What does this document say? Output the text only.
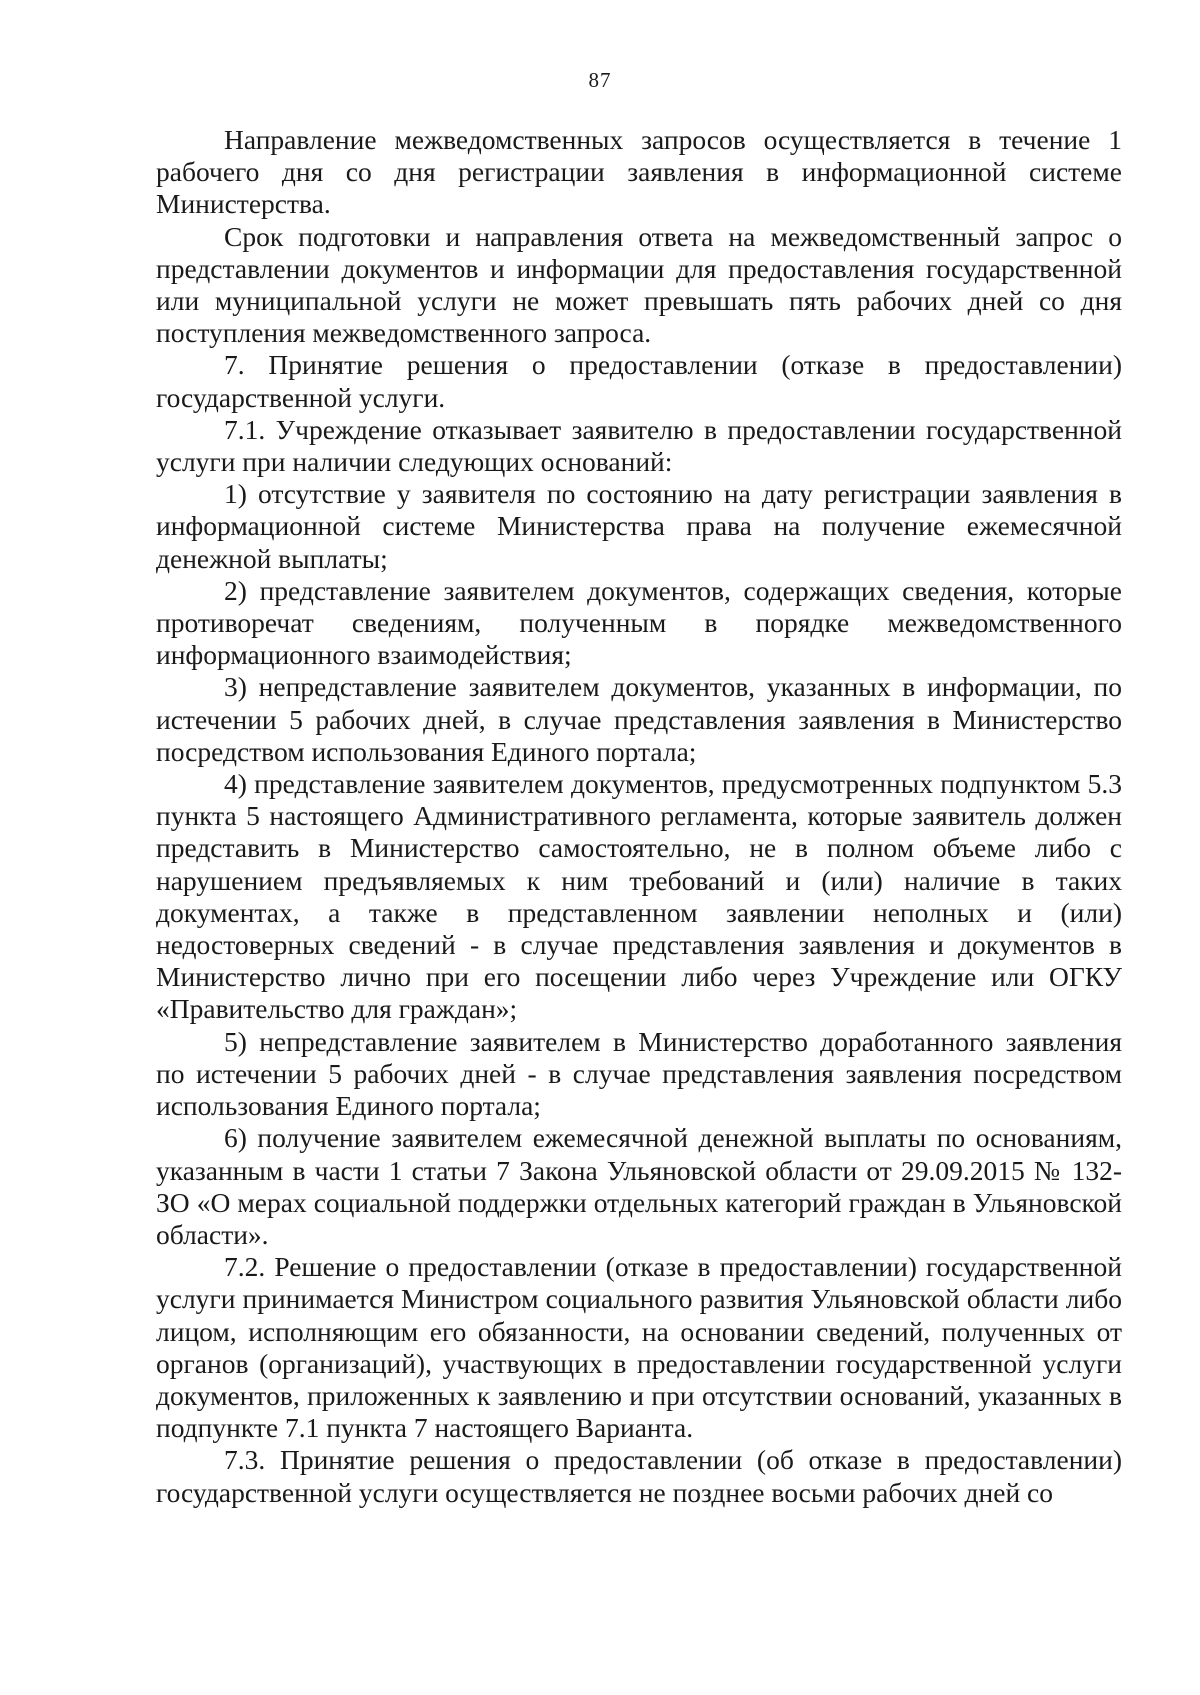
87

Направление межведомственных запросов осуществляется в течение 1 рабочего дня со дня регистрации заявления в информационной системе Министерства.

Срок подготовки и направления ответа на межведомственный запрос о представлении документов и информации для предоставления государственной или муниципальной услуги не может превышать пять рабочих дней со дня поступления межведомственного запроса.

7. Принятие решения о предоставлении (отказе в предоставлении) государственной услуги.

7.1. Учреждение отказывает заявителю в предоставлении государственной услуги при наличии следующих оснований:

1) отсутствие у заявителя по состоянию на дату регистрации заявления в информационной системе Министерства права на получение ежемесячной денежной выплаты;

2) представление заявителем документов, содержащих сведения, которые противоречат сведениям, полученным в порядке межведомственного информационного взаимодействия;

3) непредставление заявителем документов, указанных в информации, по истечении 5 рабочих дней, в случае представления заявления в Министерство посредством использования Единого портала;

4) представление заявителем документов, предусмотренных подпунктом 5.3 пункта 5 настоящего Административного регламента, которые заявитель должен представить в Министерство самостоятельно, не в полном объеме либо с нарушением предъявляемых к ним требований и (или) наличие в таких документах, а также в представленном заявлении неполных и (или) недостоверных сведений - в случае представления заявления и документов в Министерство лично при его посещении либо через Учреждение или ОГКУ «Правительство для граждан»;

5) непредставление заявителем в Министерство доработанного заявления по истечении 5 рабочих дней - в случае представления заявления посредством использования Единого портала;

6) получение заявителем ежемесячной денежной выплаты по основаниям, указанным в части 1 статьи 7 Закона Ульяновской области от 29.09.2015 № 132-ЗО «О мерах социальной поддержки отдельных категорий граждан в Ульяновской области».

7.2. Решение о предоставлении (отказе в предоставлении) государственной услуги принимается Министром социального развития Ульяновской области либо лицом, исполняющим его обязанности, на основании сведений, полученных от органов (организаций), участвующих в предоставлении государственной услуги документов, приложенных к заявлению и при отсутствии оснований, указанных в подпункте 7.1 пункта 7 настоящего Варианта.

7.3. Принятие решения о предоставлении (об отказе в предоставлении) государственной услуги осуществляется не позднее восьми рабочих дней со
